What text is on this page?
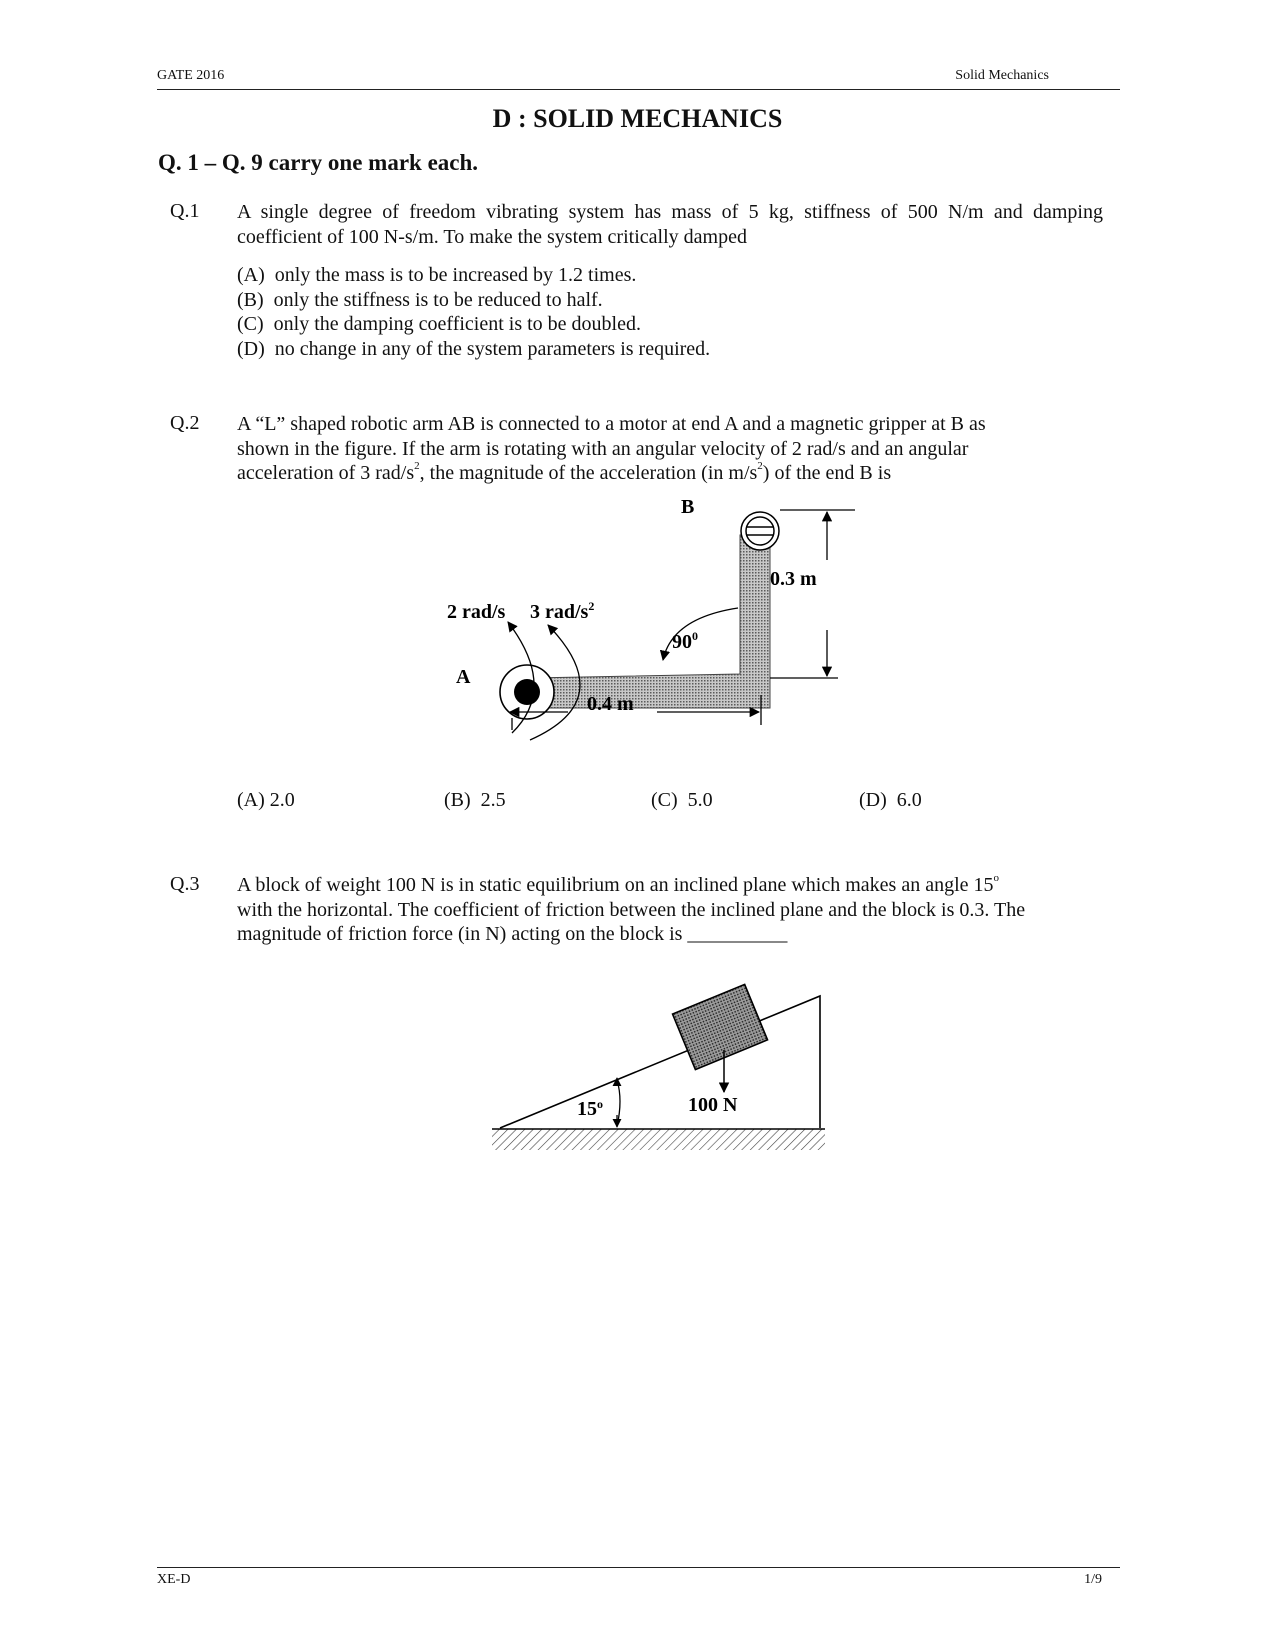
GATE 2016	Solid Mechanics
D : SOLID MECHANICS
Q. 1 – Q. 9 carry one mark each.
Q.1 A single degree of freedom vibrating system has mass of 5 kg, stiffness of 500 N/m and damping coefficient of 100 N-s/m. To make the system critically damped
(A)  only the mass is to be increased by 1.2 times.
(B)  only the stiffness is to be reduced to half.
(C)  only the damping coefficient is to be doubled.
(D)  no change in any of the system parameters is required.
Q.2 A “L” shaped robotic arm AB is connected to a motor at end A and a magnetic gripper at B as
shown in the figure. If the arm is rotating with an angular velocity of 2 rad/s and an angular
acceleration of 3 rad/$s^2$, the magnitude of the acceleration (in $m/s^2$) of the end B is
B
A
2 rad/s 3 rad/$s^2$
$90^0$
0.3 m
0.4 m
(A) 2.0	(B)  2.5	(C)  5.0	(D)  6.0
Q.3 A block of weight 100 N is in static equilibrium on an inclined plane which makes an angle 15$^o$
with the horizontal. The coefficient of friction between the inclined plane and the block is 0.3. The
magnitude of friction force (in N) acting on the block is __________
15$^o$	100 N
XE-D	1/9
